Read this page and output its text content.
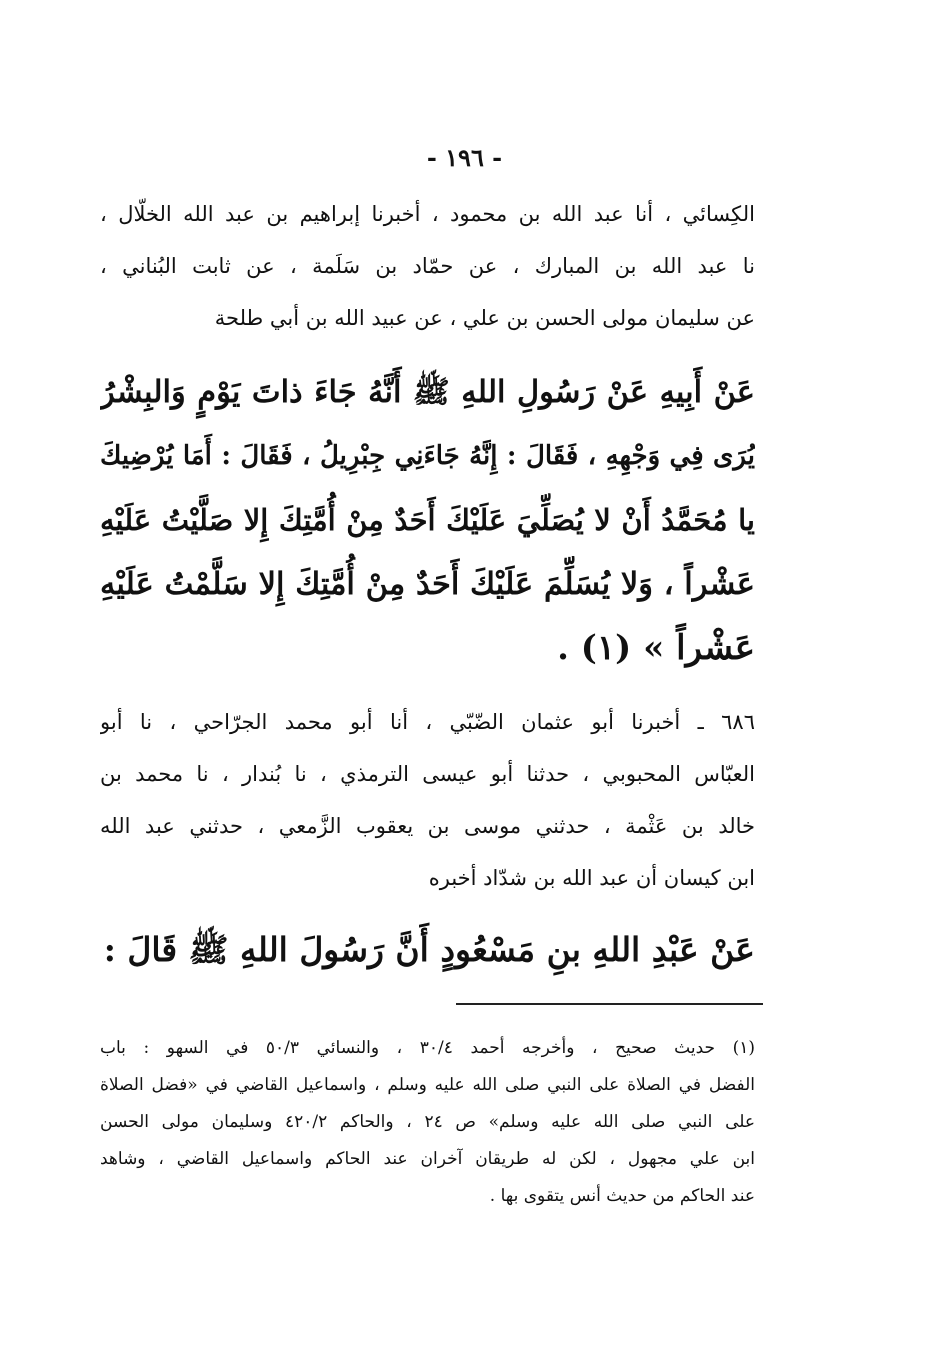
- ١٩٦ -
الكِسائي ، أنا عبد الله بن محمود ، أخبرنا إبراهيم بن عبد الله الخلّال ،
نا عبد الله بن المبارك ، عن حمّاد بن سَلَمة ، عن ثابت البُناني ،
عن سليمان مولى الحسن بن علي ، عن عبيد الله بن أبي طلحة
عَنْ أَبِيهِ عَنْ رَسُولِ اللهِ ﷺ أَنَّهُ جَاءَ ذاتَ يَوْمٍ وَالبِشْرُ
يُرَى فِي وَجْهِهِ ، فَقَالَ : إِنَّهُ جَاءَنِي جِبْرِيلُ ، فَقَالَ : أَمَا يُرْضِيكَ
يا مُحَمَّدُ أَنْ لا يُصَلِّيَ عَلَيْكَ أَحَدٌ مِنْ أُمَّتِكَ إِلا صَلَّيْتُ عَلَيْهِ
عَشْراً ، وَلا يُسَلِّمَ عَلَيْكَ أَحَدٌ مِنْ أُمَّتِكَ إِلا سَلَّمْتُ عَلَيْهِ
عَشْراً » (١) .
٦٨٦ ـ أخبرنا أبو عثمان الضّبّي ، أنا أبو محمد الجرّاحي ، نا أبو
العبّاس المحبوبي ، حدثنا أبو عيسى الترمذي ، نا بُندار ، نا محمد بن
خالد بن عَثْمة ، حدثني موسى بن يعقوب الزَّمعي ، حدثني عبد الله
ابن كيسان أن عبد الله بن شدّاد أخبره
عَنْ عَبْدِ اللهِ بنِ مَسْعُودٍ أَنَّ رَسُولَ اللهِ ﷺ قَالَ :
(١) حديث صحيح ، وأخرجه أحمد ٣٠/٤ ، والنسائي ٥٠/٣ في السهو : باب
الفضل في الصلاة على النبي صلى الله عليه وسلم ، واسماعيل القاضي في «فضل الصلاة
على النبي صلى الله عليه وسلم» ص ٢٤ ، والحاكم ٤٢٠/٢ وسليمان مولى الحسن
ابن علي مجهول ، لكن له طريقان آخران عند الحاكم واسماعيل القاضي ، وشاهد
عند الحاكم من حديث أنس يتقوى بها .
